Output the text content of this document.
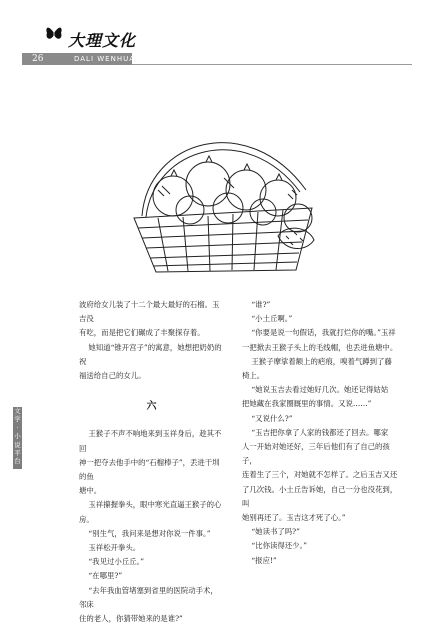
大理文化
26	DALI WENHUA

波府给女儿装了十二个最大最好的石榴。玉吉没

有吃，而是把它们碾成了丰聚探存着。

她知道“锥开宫子”的寓意，她想把奶奶的祝

福送给自己的女儿。

六

王猴子不声不响地来到玉祥身后，趁其不回

神一把夺去他手中的“石榴棒子”，丢进干圳的鱼

塘中。

玉祥攥握拳头，眼中寒光直逼王猴子的心房。

“别生气，我问来是想对你说一件事。”

玉祥松开拳头。

“我见过小丘丘。”

“在哪里?”

“去年我血管堵塞到省里的医院动手术，邻床

住的老人，你猜带她来的是谁?”

“谁?”

“小土丘啊。”

“你要是说一句假话，我就打烂你的嘴。”玉祥

一把掀去王猴子头上的毛线帽，也丢进鱼塘中。

王猴子摩挲着额上的疤痕，嗅着气蹲到了藤

椅上。

“她说玉吉去看过她好几次。她还记得姑姑

把她藏在我家圈厩里的事情。又说……”

“又说什么?”

“玉吉把你拿了人家的钱都还了回去。哪家

人一开始对她还好，三年后他们有了自己的孩子，

连着生了三个，对她就不怎样了。之后玉吉又还

了几次钱。小土丘告诉她，自己一分也没花到，叫

她别再还了。玉吉这才死了心。”

“她读书了吗?”

“比你读得还少。”

“报应!”

文
学
·
小
说
平
台
